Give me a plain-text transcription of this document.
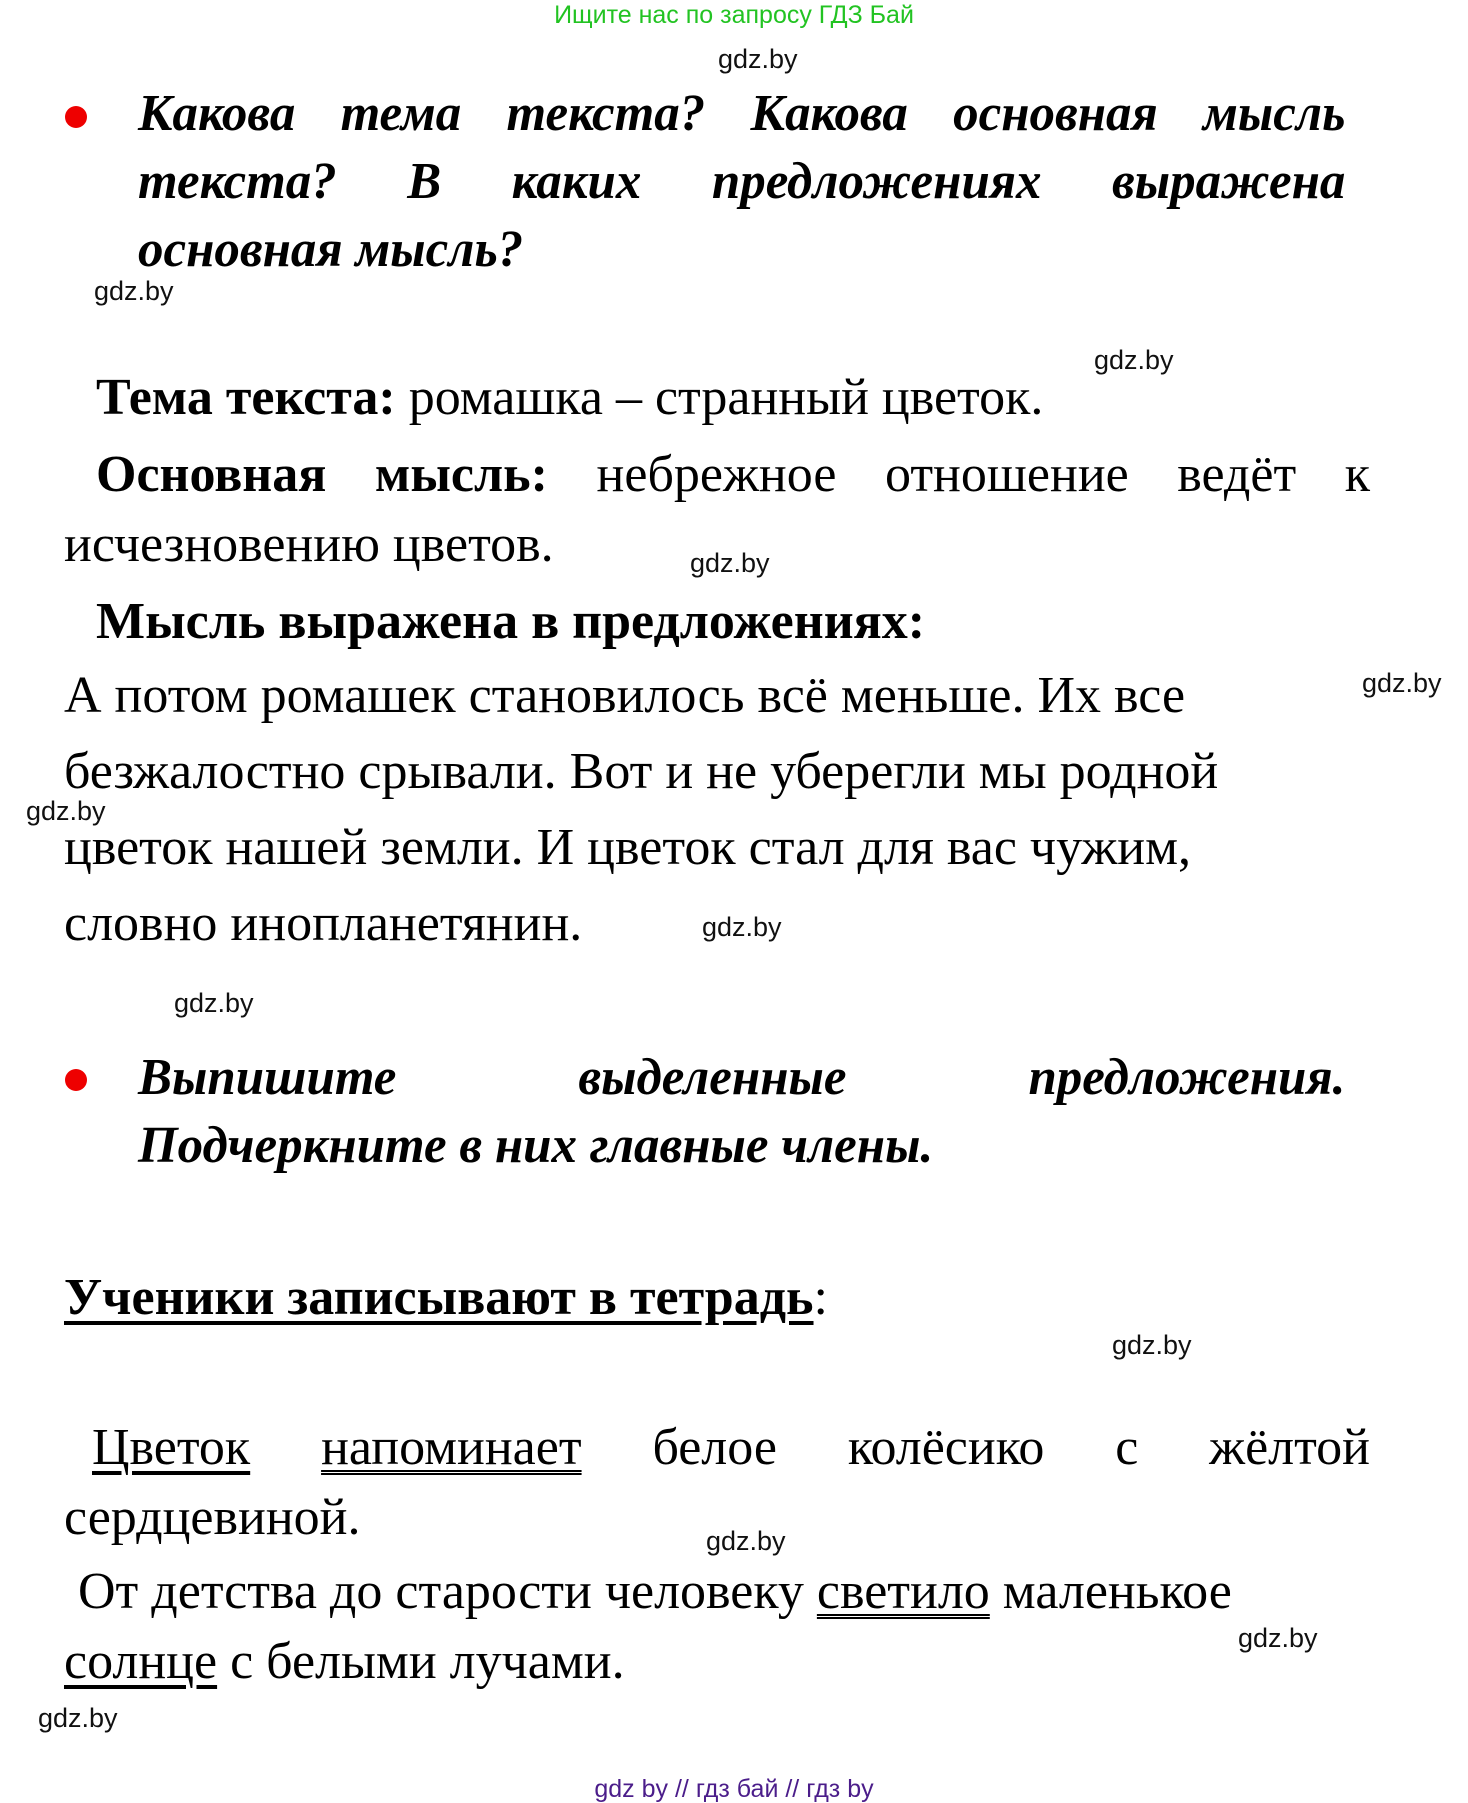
Ищите нас по запросу ГДЗ Бай
gdz.by
gdz.by
gdz.by
gdz.by
gdz.by
gdz.by
gdz.by
gdz.by
gdz.by
gdz.by
gdz.by
gdz.by
Какова тема текста? Какова основная мысль
текста? В каких предложениях выражена
основная мысль?
Тема текста: ромашка – странный цветок.
Основная мысль: небрежное отношение ведёт к
исчезновению цветов.
Мысль выражена в предложениях:
А потом ромашек становилось всё меньше. Их все
безжалостно срывали. Вот и не уберегли мы родной
цветок нашей земли. И цветок стал для вас чужим,
словно инопланетянин.
Выпишите выделенные предложения.
Подчеркните в них главные члены.
Ученики записывают в тетрадь:
Цветок напоминает белое колёсико с жёлтой
сердцевиной.
От детства до старости человеку светило маленькое
солнце с белыми лучами.
gdz by // гдз бай // гдз by
